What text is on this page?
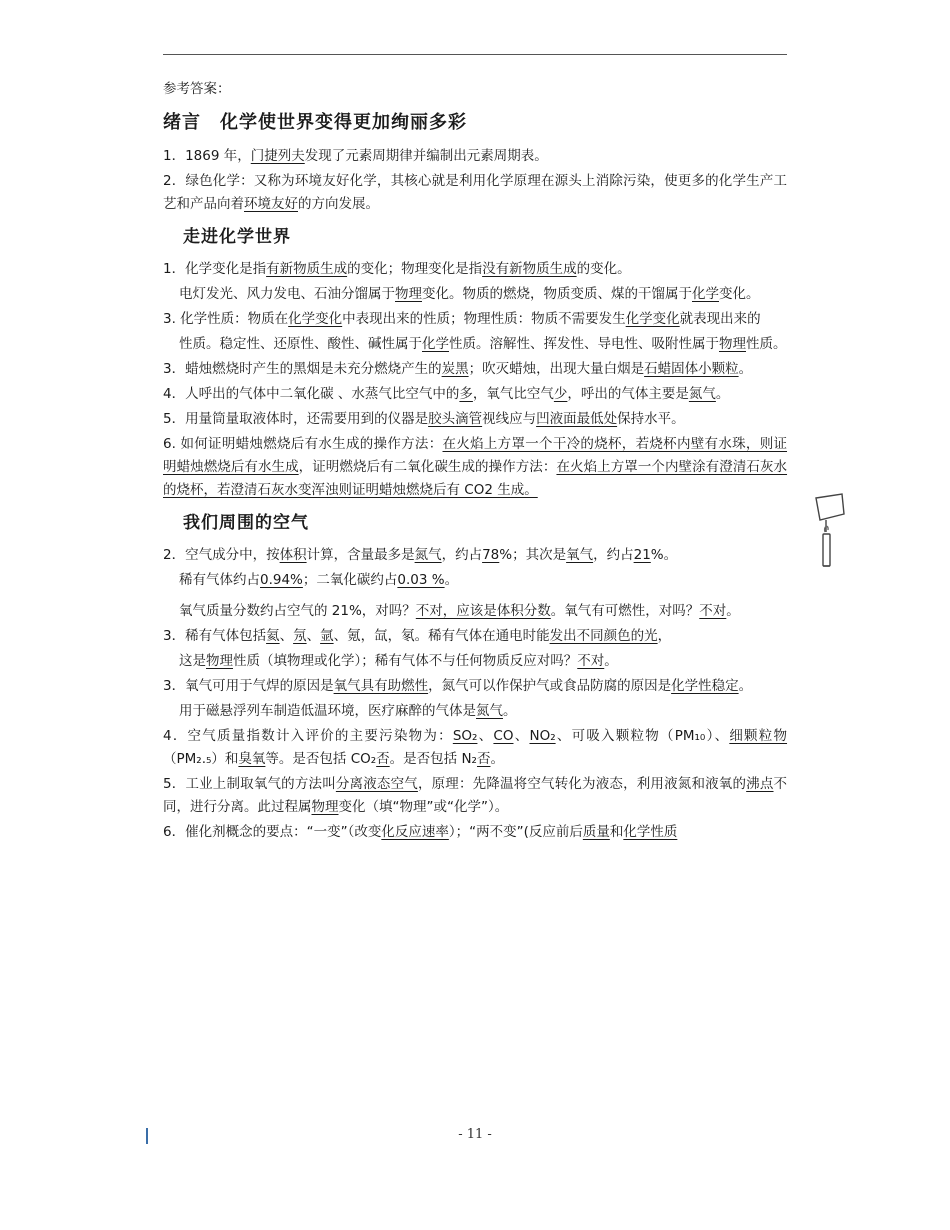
参考答案：
绪言　化学使世界变得更加绚丽多彩
1．1869 年，门捷列夫发现了元素周期律并编制出元素周期表。
2．绿色化学：又称为环境友好化学，其核心就是利用化学原理在源头上消除污染，使更多的化学生产工艺和产品向着环境友好的方向发展。
走进化学世界
1．化学变化是指有新物质生成的变化；物理变化是指没有新物质生成的变化。
电灯发光、风力发电、石油分馏属于物理变化。物质的燃烧，物质变质、煤的干馏属于化学变化。
3. 化学性质：物质在化学变化中表现出来的性质；物理性质：物质不需要发生化学变化就表现出来的
性质。稳定性、还原性、酸性、碱性属于化学性质。溶解性、挥发性、导电性、吸附性属于物理性质。
3．蜡烛燃烧时产生的黑烟是未充分燃烧产生的炭黑；吹灭蜡烛，出现大量白烟是石蜡固体小颗粒。
4．人呼出的气体中二氧化碳 、水蒸气比空气中的多，氧气比空气少，呼出的气体主要是氮气。
5．用量筒量取液体时，还需要用到的仪器是胶头滴管视线应与凹液面最低处保持水平。
6. 如何证明蜡烛燃烧后有水生成的操作方法：在火焰上方罩一个干冷的烧杯，若烧杯内壁有水珠，则证明蜡烛燃烧后有水生成，证明燃烧后有二氧化碳生成的操作方法：在火焰上方罩一个内壁涂有澄清石灰水的烧杯，若澄清石灰水变浑浊则证明蜡烛燃烧后有 CO2 生成。
我们周围的空气
2．空气成分中，按体积计算，含量最多是氮气，约占78%；其次是氧气，约占21%。
稀有气体约占0.94%；二氧化碳约占0.03 %。
氧气质量分数约占空气的 21%，对吗？不对，应该是体积分数。氧气有可燃性，对吗？不对。
3．稀有气体包括氦、氖、氩、氪，氙，氡。稀有气体在通电时能发出不同颜色的光，
这是物理性质（填物理或化学）；稀有气体不与任何物质反应对吗？不对。
3．氧气可用于气焊的原因是氧气具有助燃性，氮气可以作保护气或食品防腐的原因是化学性稳定。
用于磁悬浮列车制造低温环境，医疗麻醉的气体是氮气。
4．空气质量指数计入评价的主要污染物为：SO₂、CO、NO₂、可吸入颗粒物（PM₁₀）、细颗粒物（PM₂.₅）和臭氧等。是否包括 CO₂否。是否包括 N₂否。
5．工业上制取氧气的方法叫分离液态空气，原理：先降温将空气转化为液态，利用液氮和液氧的沸点不同，进行分离。此过程属物理变化（填“物理”或“化学”）。
6．催化剂概念的要点：“一变”（改变化反应速率）；“两不变”(反应前后质量和化学性质
- 11 -
